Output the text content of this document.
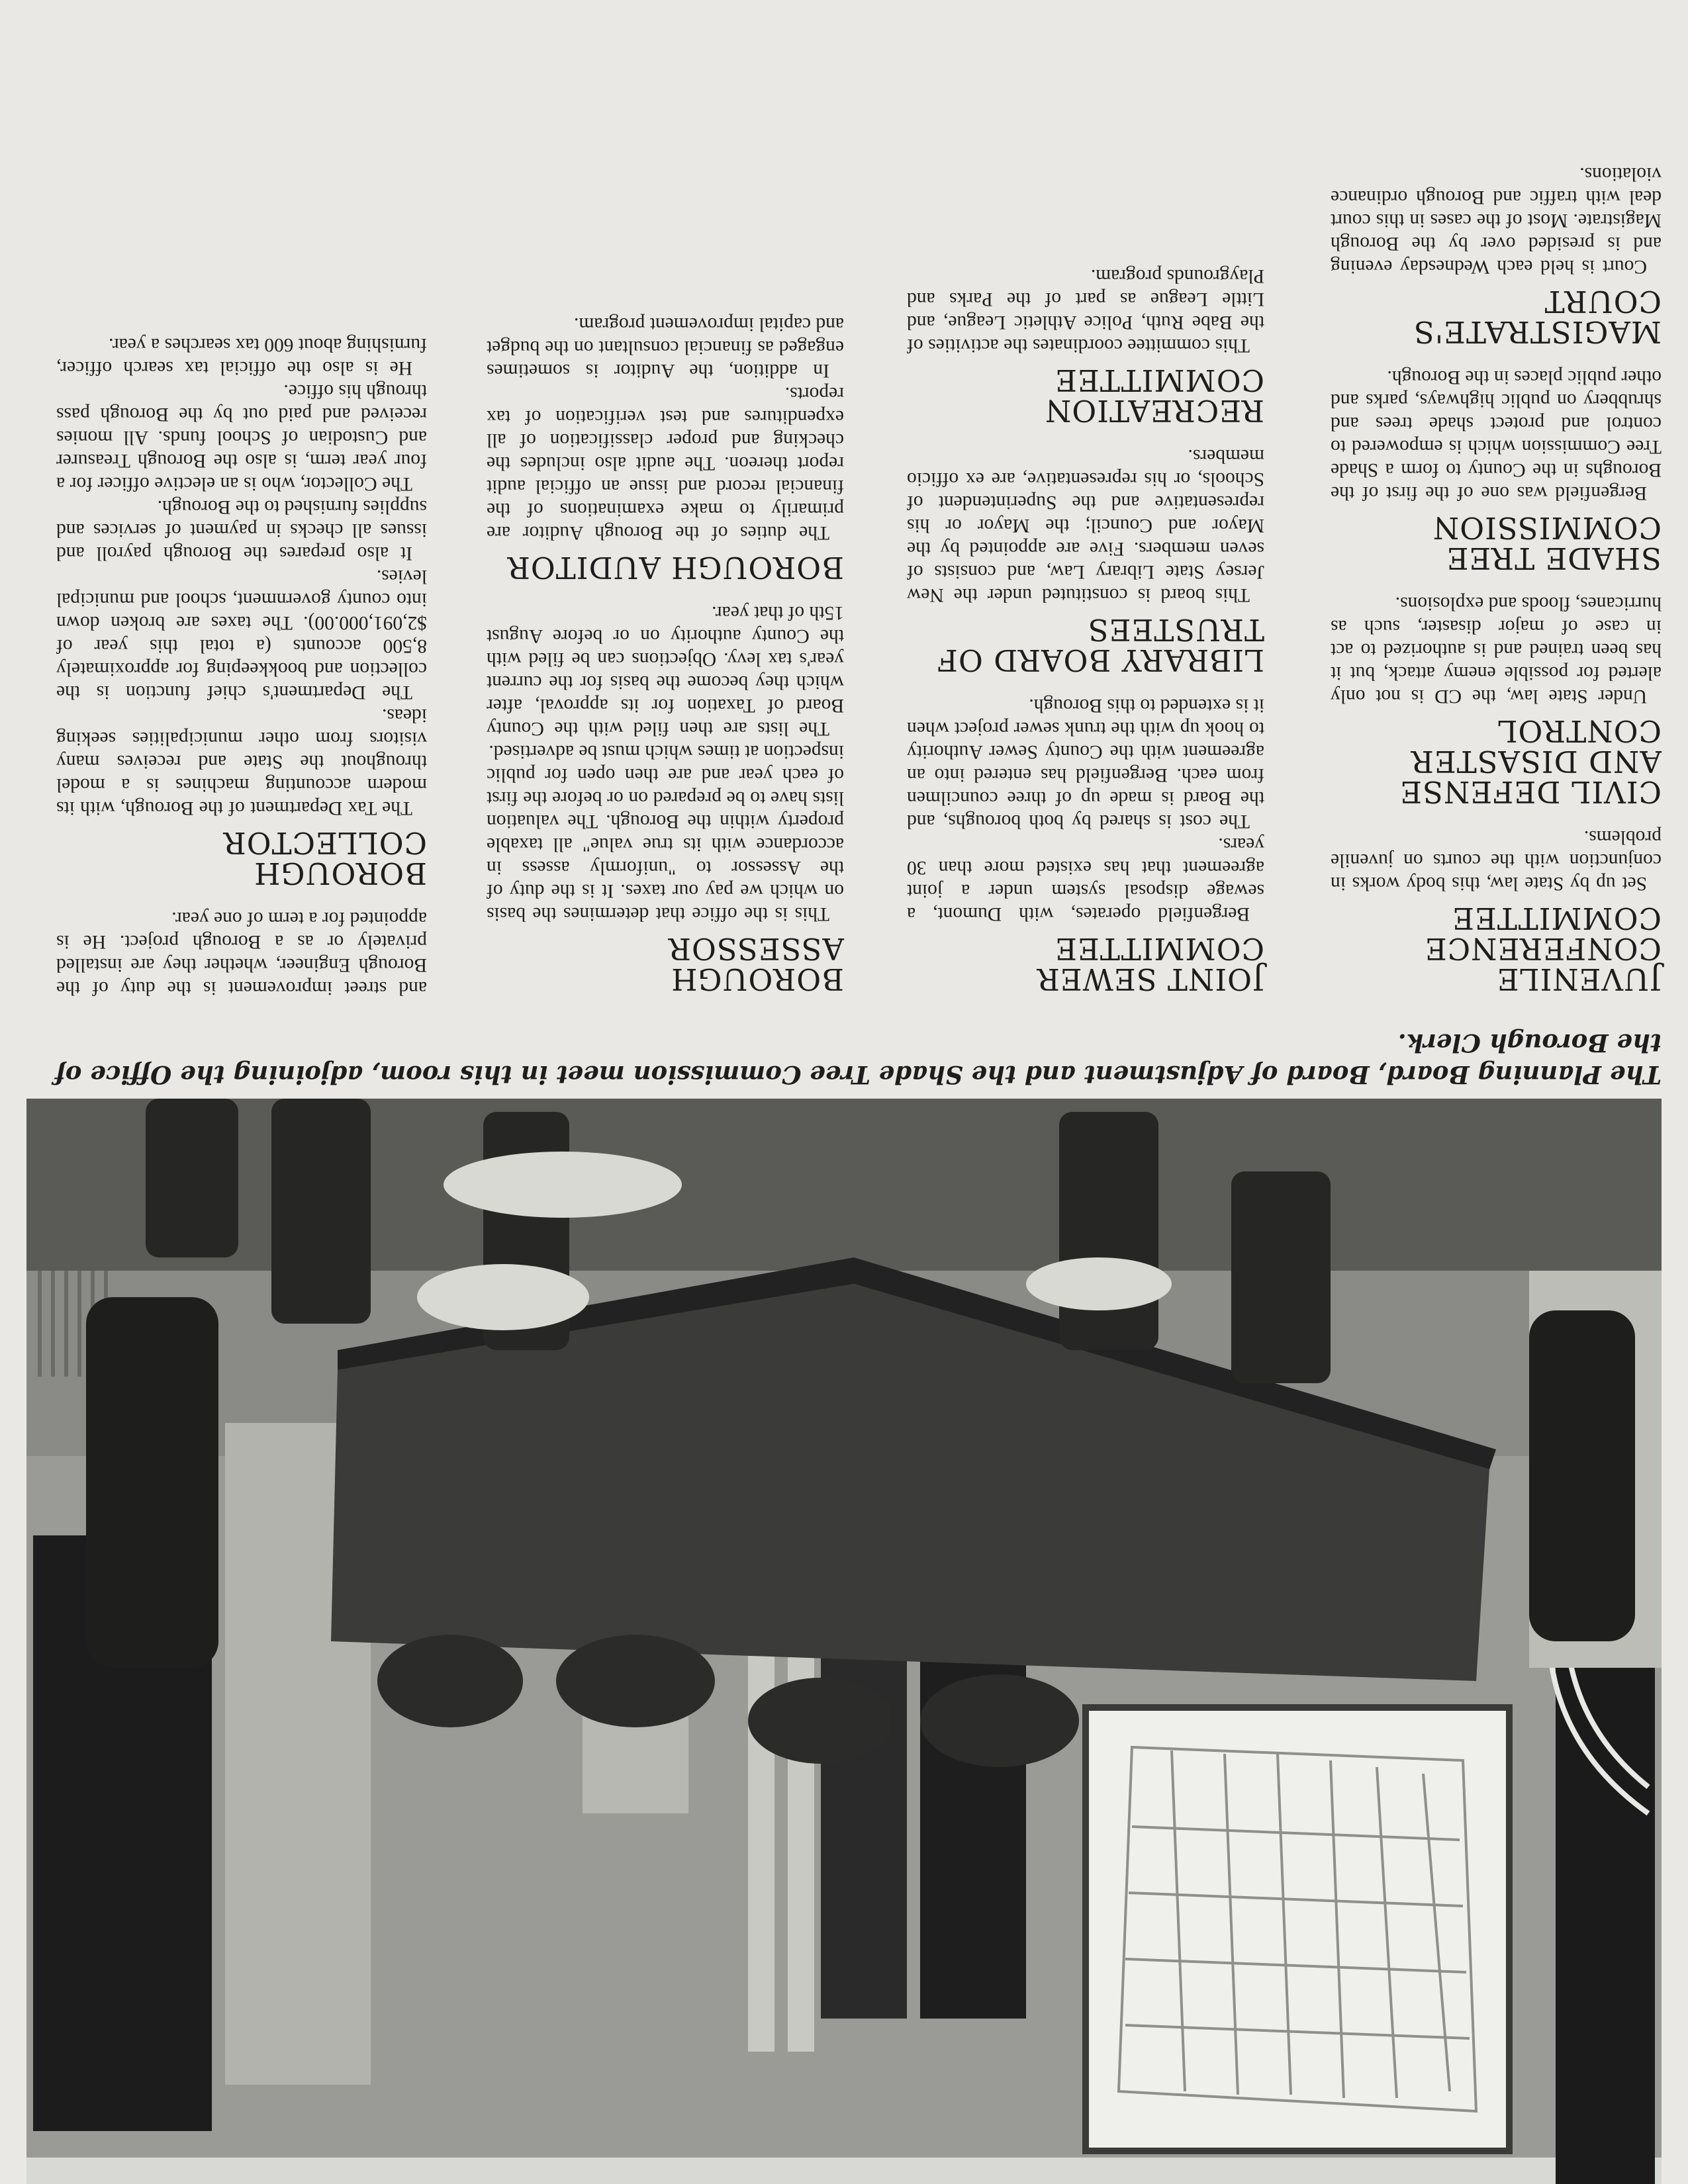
The Planning Board, Board of Adjustment and the Shade Tree Commission meet in this room, adjoining the Office of the Borough Clerk.

JUVENILE CONFERENCE COMMITTEE

Set up by State law, this body works in conjunction with the courts on juvenile problems.

CIVIL DEFENSE AND DISASTER CONTROL

Under State law, the CD is not only alerted for possible enemy attack, but it has been trained and is authorized to act in case of major disaster, such as hurricanes, floods and explosions.

SHADE TREE COMMISSION

Bergenfield was one of the first of the Boroughs in the County to form a Shade Tree Commission which is empowered to control and protect shade trees and shrubbery on public highways, parks and other public places in the Borough.

MAGISTRATE'S COURT

Court is held each Wednesday evening and is presided over by the Borough Magistrate. Most of the cases in this court deal with traffic and Borough ordinance violations.

JOINT SEWER COMMITTEE

Bergenfield operates, with Dumont, a sewage disposal system under a joint agreement that has existed more than 30 years.

The cost is shared by both boroughs, and the Board is made up of three councilmen from each. Bergenfield has entered into an agreement with the County Sewer Authority to hook up with the trunk sewer project when it is extended to this Borough.

LIBRARY BOARD OF TRUSTEES

This board is constituted under the New Jersey State Library Law, and consists of seven members. Five are appointed by the Mayor and Council; the Mayor or his representative and the Superintendent of Schools, or his representative, are ex officio members.

RECREATION COMMITTEE

This committee coordinates the activities of the Babe Ruth, Police Athletic League, and Little League as part of the Parks and Playgrounds program.

BOROUGH ASSESSOR

This is the office that determines the basis on which we pay our taxes. It is the duty of the Assessor to "uniformly assess in accordance with its true value" all taxable property within the Borough. The valuation lists have to be prepared on or before the first of each year and are then open for public inspection at times which must be advertised.

The lists are then filed with the County Board of Taxation for its approval, after which they become the basis for the current year's tax levy. Objections can be filed with the County authority on or before August 15th of that year.

BOROUGH AUDITOR

The duties of the Borough Auditor are primarily to make examinations of the financial record and issue an official audit report thereon. The audit also includes the checking and proper classification of all expenditures and test verification of tax reports.

In addition, the Auditor is sometimes engaged as financial consultant on the budget and capital improvement program.

and street improvement is the duty of the Borough Engineer, whether they are installed privately or as a Borough project. He is appointed for a term of one year.

BOROUGH COLLECTOR

The Tax Department of the Borough, with its modern accounting machines is a model throughout the State and receives many visitors from other municipalities seeking ideas.

The Department's chief function is the collection and bookkeeping for approximately 8,500 accounts (a total this year of $2,091,000.00). The taxes are broken down into county government, school and municipal levies.

It also prepares the Borough payroll and issues all checks in payment of services and supplies furnished to the Borough.

The Collector, who is an elective officer for a four year term, is also the Borough Treasurer and Custodian of School funds. All monies received and paid out by the Borough pass through his office.

He is also the official tax search officer, furnishing about 600 tax searches a year.
